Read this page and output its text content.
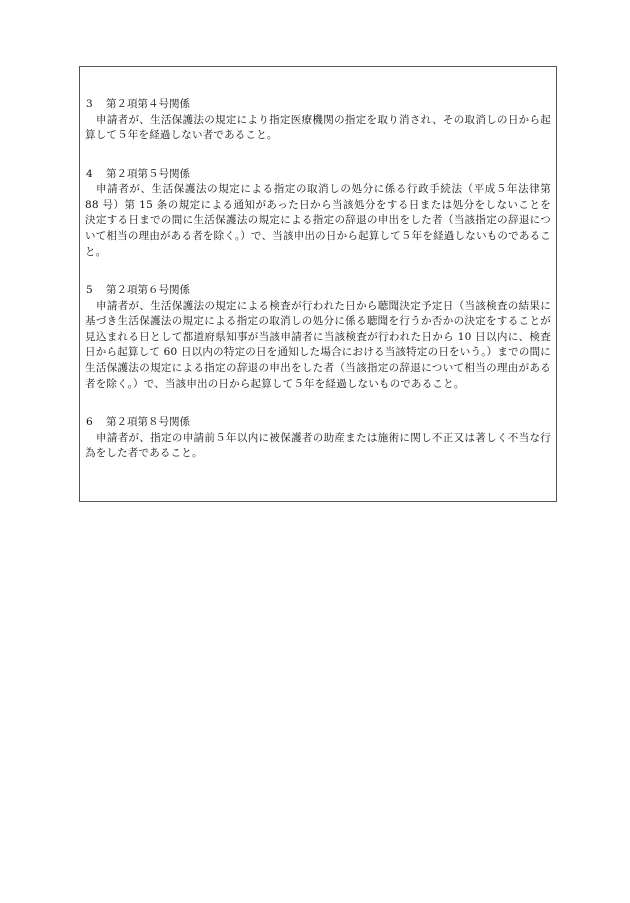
3 第２項第４号関係

申請者が、生活保護法の規定により指定医療機関の指定を取り消され、その取消しの日から起算して５年を経過しない者であること。

4 第２項第５号関係

申請者が、生活保護法の規定による指定の取消しの処分に係る行政手続法（平成５年法律第 88 号）第 15 条の規定による通知があった日から当該処分をする日または処分をしないことを決定する日までの間に生活保護法の規定による指定の辞退の申出をした者（当該指定の辞退について相当の理由がある者を除く。）で、当該申出の日から起算して５年を経過しないものであること。

5 第２項第６号関係

申請者が、生活保護法の規定による検査が行われた日から聴聞決定予定日（当該検査の結果に基づき生活保護法の規定による指定の取消しの処分に係る聴聞を行うか否かの決定をすることが見込まれる日として都道府県知事が当該申請者に当該検査が行われた日から 10 日以内に、検査日から起算して 60 日以内の特定の日を通知した場合における当該特定の日をいう。）までの間に生活保護法の規定による指定の辞退の申出をした者（当該指定の辞退について相当の理由がある者を除く。）で、当該申出の日から起算して５年を経過しないものであること。

6 第２項第８号関係

申請者が、指定の申請前５年以内に被保護者の助産または施術に関し不正又は著しく不当な行為をした者であること。
